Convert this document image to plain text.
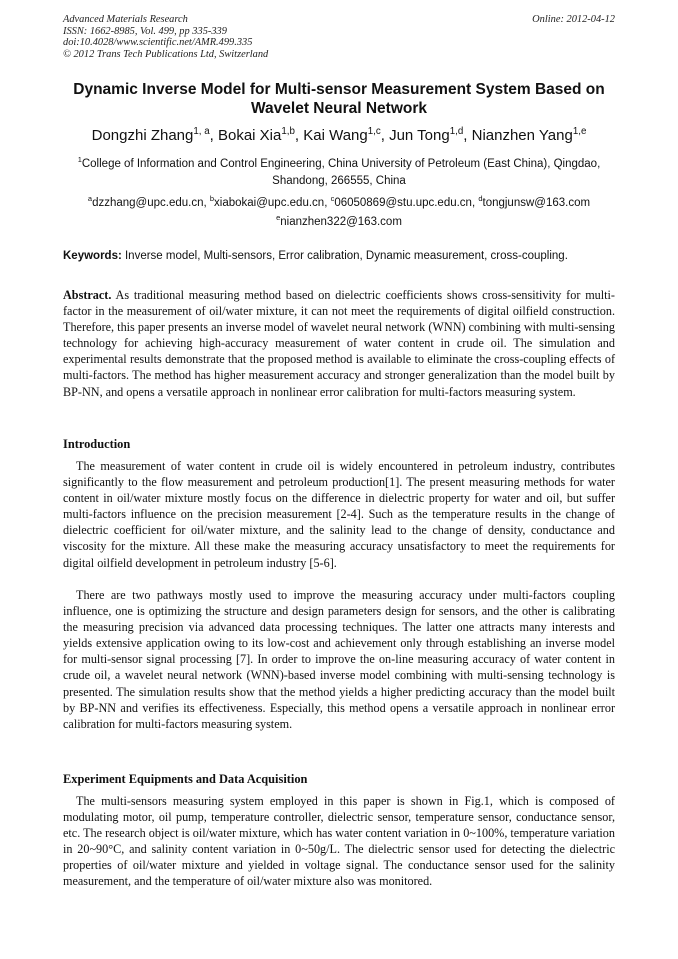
Advanced Materials Research
ISSN: 1662-8985, Vol. 499, pp 335-339
doi:10.4028/www.scientific.net/AMR.499.335
© 2012 Trans Tech Publications Ltd, Switzerland
Online: 2012-04-12
Dynamic Inverse Model for Multi-sensor Measurement System Based on Wavelet Neural Network
Dongzhi Zhang$^{1, a}$, Bokai Xia$^{1,b}$, Kai Wang$^{1,c}$, Jun Tong$^{1,d}$, Nianzhen Yang$^{1,e}$
$^1$College of Information and Control Engineering, China University of Petroleum (East China), Qingdao, Shandong, 266555, China
$^a$dzzhang@upc.edu.cn, $^b$xiabokai@upc.edu.cn, $^c$06050869@stu.upc.edu.cn, $^d$tongjunsw@163.com
$^e$nianzhen322@163.com
Keywords: Inverse model, Multi-sensors, Error calibration, Dynamic measurement, cross-coupling.
Abstract. As traditional measuring method based on dielectric coefficients shows cross-sensitivity for multi-factor in the measurement of oil/water mixture, it can not meet the requirements of digital oilfield construction. Therefore, this paper presents an inverse model of wavelet neural network (WNN) combining with multi-sensing technology for achieving high-accuracy measurement of water content in crude oil. The simulation and experimental results demonstrate that the proposed method is available to eliminate the cross-coupling effects of multi-factors. The method has higher measurement accuracy and stronger generalization than the model built by BP-NN, and opens a versatile approach in nonlinear error calibration for multi-factors measuring system.
Introduction
The measurement of water content in crude oil is widely encountered in petroleum industry, contributes significantly to the flow measurement and petroleum production[1]. The present measuring methods for water content in oil/water mixture mostly focus on the difference in dielectric property for water and oil, but suffer multi-factors influence on the precision measurement [2-4]. Such as the temperature results in the change of dielectric coefficient for oil/water mixture, and the salinity lead to the change of density, conductance and viscosity for the mixture. All these make the measuring accuracy unsatisfactory to meet the requirements for digital oilfield development in petroleum industry [5-6].
There are two pathways mostly used to improve the measuring accuracy under multi-factors coupling influence, one is optimizing the structure and design parameters design for sensors, and the other is calibrating the measuring precision via advanced data processing techniques. The latter one attracts many interests and yields extensive application owing to its low-cost and achievement only through establishing an inverse model for multi-sensor signal processing [7]. In order to improve the on-line measuring accuracy of water content in crude oil, a wavelet neural network (WNN)-based inverse model combining with multi-sensing technology is presented. The simulation results show that the method yields a higher predicting accuracy than the model built by BP-NN and verifies its effectiveness. Especially, this method opens a versatile approach in nonlinear error calibration for multi-factors measuring system.
Experiment Equipments and Data Acquisition
The multi-sensors measuring system employed in this paper is shown in Fig.1, which is composed of modulating motor, oil pump, temperature controller, dielectric sensor, temperature sensor, conductance sensor, etc. The research object is oil/water mixture, which has water content variation in 0~100%, temperature variation in 20~90°C, and salinity content variation in 0~50g/L. The dielectric sensor used for detecting the dielectric properties of oil/water mixture and yielded in voltage signal. The conductance sensor used for the salinity measurement, and the temperature of oil/water mixture also was monitored.
